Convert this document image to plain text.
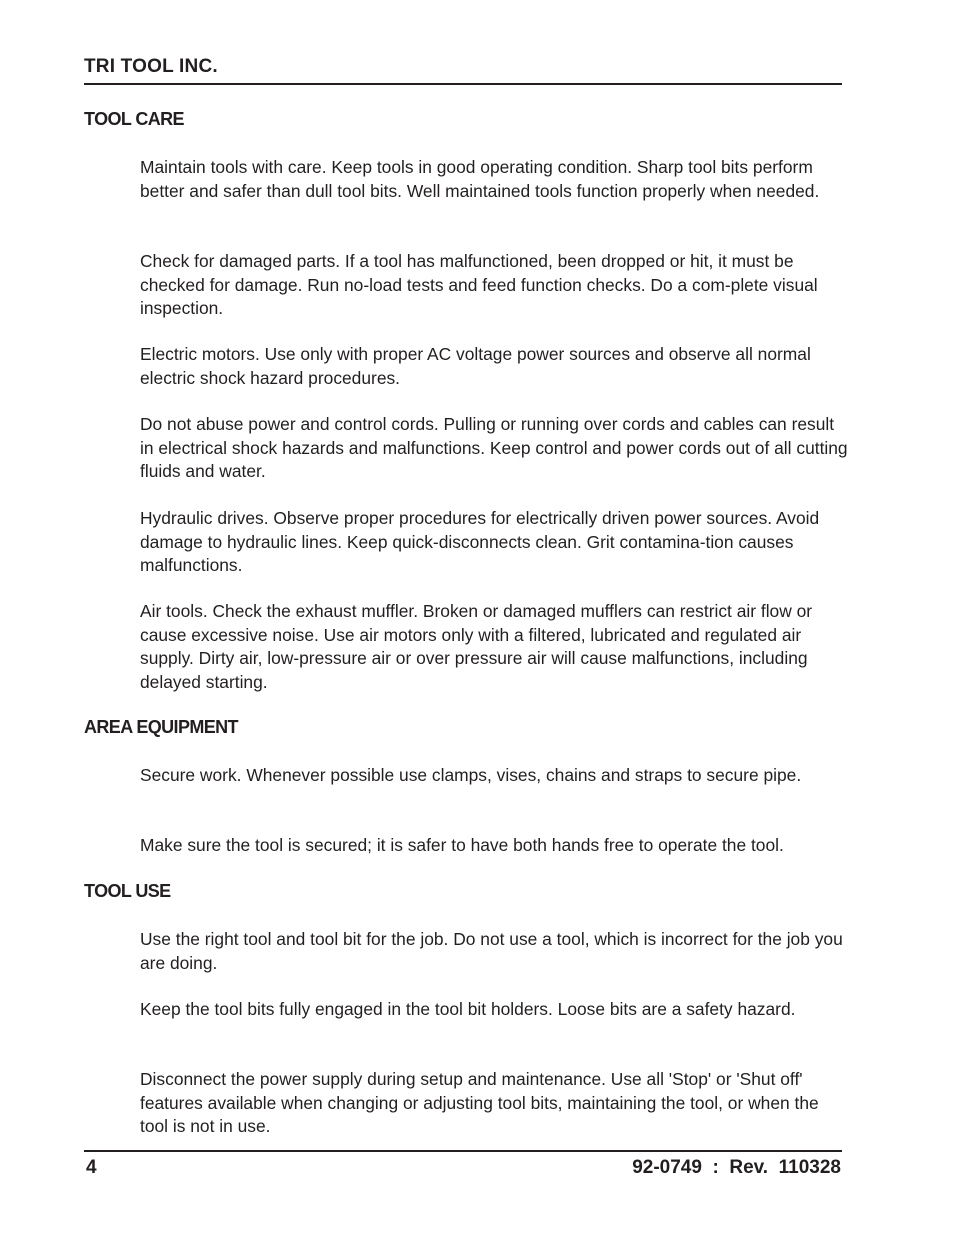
TRI TOOL INC.
TOOL CARE

Maintain tools with care. Keep tools in good operating condition. Sharp tool bits perform better and safer than dull tool bits. Well maintained tools function properly when needed.

Check for damaged parts. If a tool has malfunctioned, been dropped or hit, it must be checked for damage. Run no-load tests and feed function checks. Do a com-plete visual inspection.

Electric motors. Use only with proper AC voltage power sources and observe all normal electric shock hazard procedures.

Do not abuse power and control cords. Pulling or running over cords and cables can result in electrical shock hazards and malfunctions. Keep control and power cords out of all cutting fluids and water.

Hydraulic drives. Observe proper procedures for electrically driven power sources. Avoid damage to hydraulic lines. Keep quick-disconnects clean. Grit contamina-tion causes malfunctions.

Air tools. Check the exhaust muffler. Broken or damaged mufflers can restrict air flow or cause excessive noise. Use air motors only with a filtered, lubricated and regulated air supply. Dirty air, low-pressure air or over pressure air will cause malfunctions, including delayed starting.

AREA EQUIPMENT

Secure work. Whenever possible use clamps, vises, chains and straps to secure pipe.

Make sure the tool is secured; it is safer to have both hands free to operate the tool.

TOOL USE

Use the right tool and tool bit for the job. Do not use a tool, which is incorrect for the job you are doing.

Keep the tool bits fully engaged in the tool bit holders. Loose bits are a safety hazard.

Disconnect the power supply during setup and maintenance. Use all 'Stop' or 'Shut off' features available when changing or adjusting tool bits, maintaining the tool, or when the tool is not in use.

4	92-0749  :  Rev.  110328
